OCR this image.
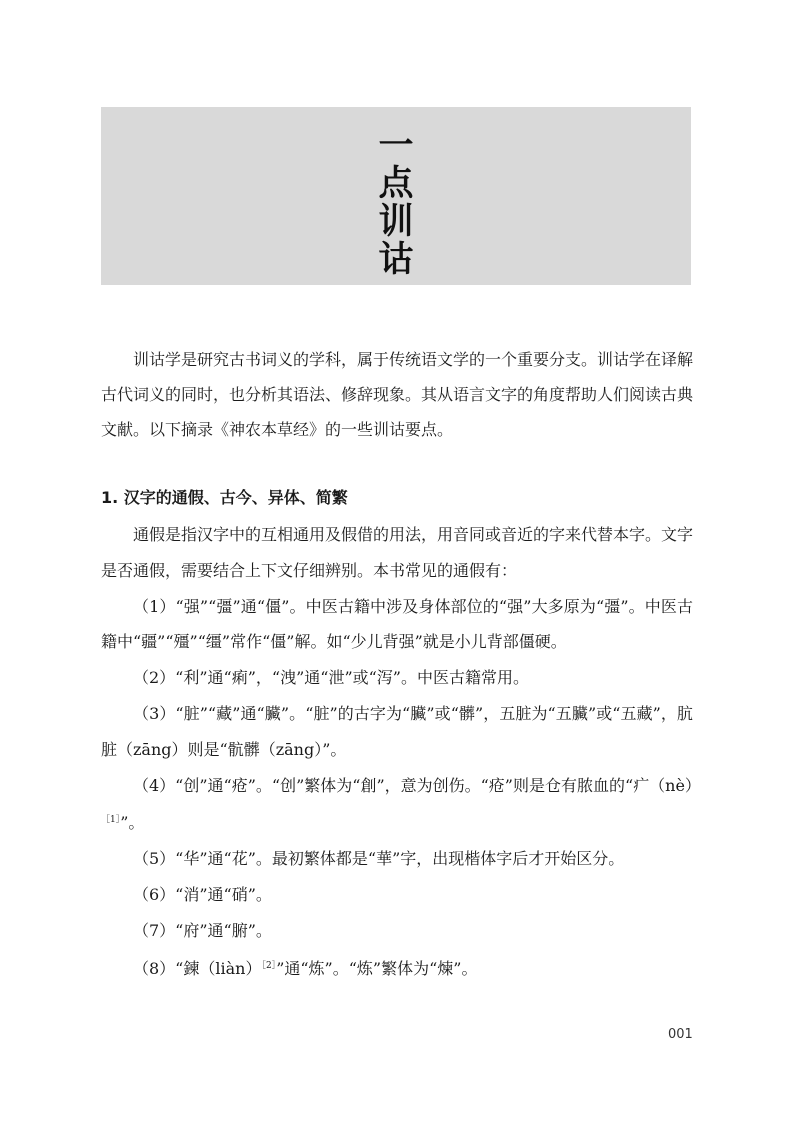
一
点
训
诂

训诂学是研究古书词义的学科，属于传统语文学的一个重要分支。训诂学在译解古代词义的同时，也分析其语法、修辞现象。其从语言文字的角度帮助人们阅读古典文献。以下摘录《神农本草经》的一些训诂要点。

1. 汉字的通假、古今、异体、简繁

通假是指汉字中的互相通用及假借的用法，用音同或音近的字来代替本字。文字是否通假，需要结合上下文仔细辨别。本书常见的通假有：

（1）“强”“彊”通“僵”。中医古籍中涉及身体部位的“强”大多原为“彊”。中医古籍中“疆”“殭”“缰”常作“僵”解。如“少儿背强”就是小儿背部僵硬。

（2）“利”通“痢”，“洩”通“泄”或“泻”。中医古籍常用。

（3）“脏”“藏”通“臟”。“脏”的古字为“臟”或“髒”，五脏为“五臟”或“五藏”，肮脏（zāng）则是“骯髒（zāng）”。

（4）“创”通“疮”。“创”繁体为“創”，意为创伤。“疮”则是仓有脓血的“疒（nè）$^{[1]}$”。

（5）“华”通“花”。最初繁体都是“華”字，出现楷体字后才开始区分。

（6）“消”通“硝”。

（7）“府”通“腑”。

（8）“鍊（liàn）$^{[2]}$”通“炼”。“炼”繁体为“煉”。

001
